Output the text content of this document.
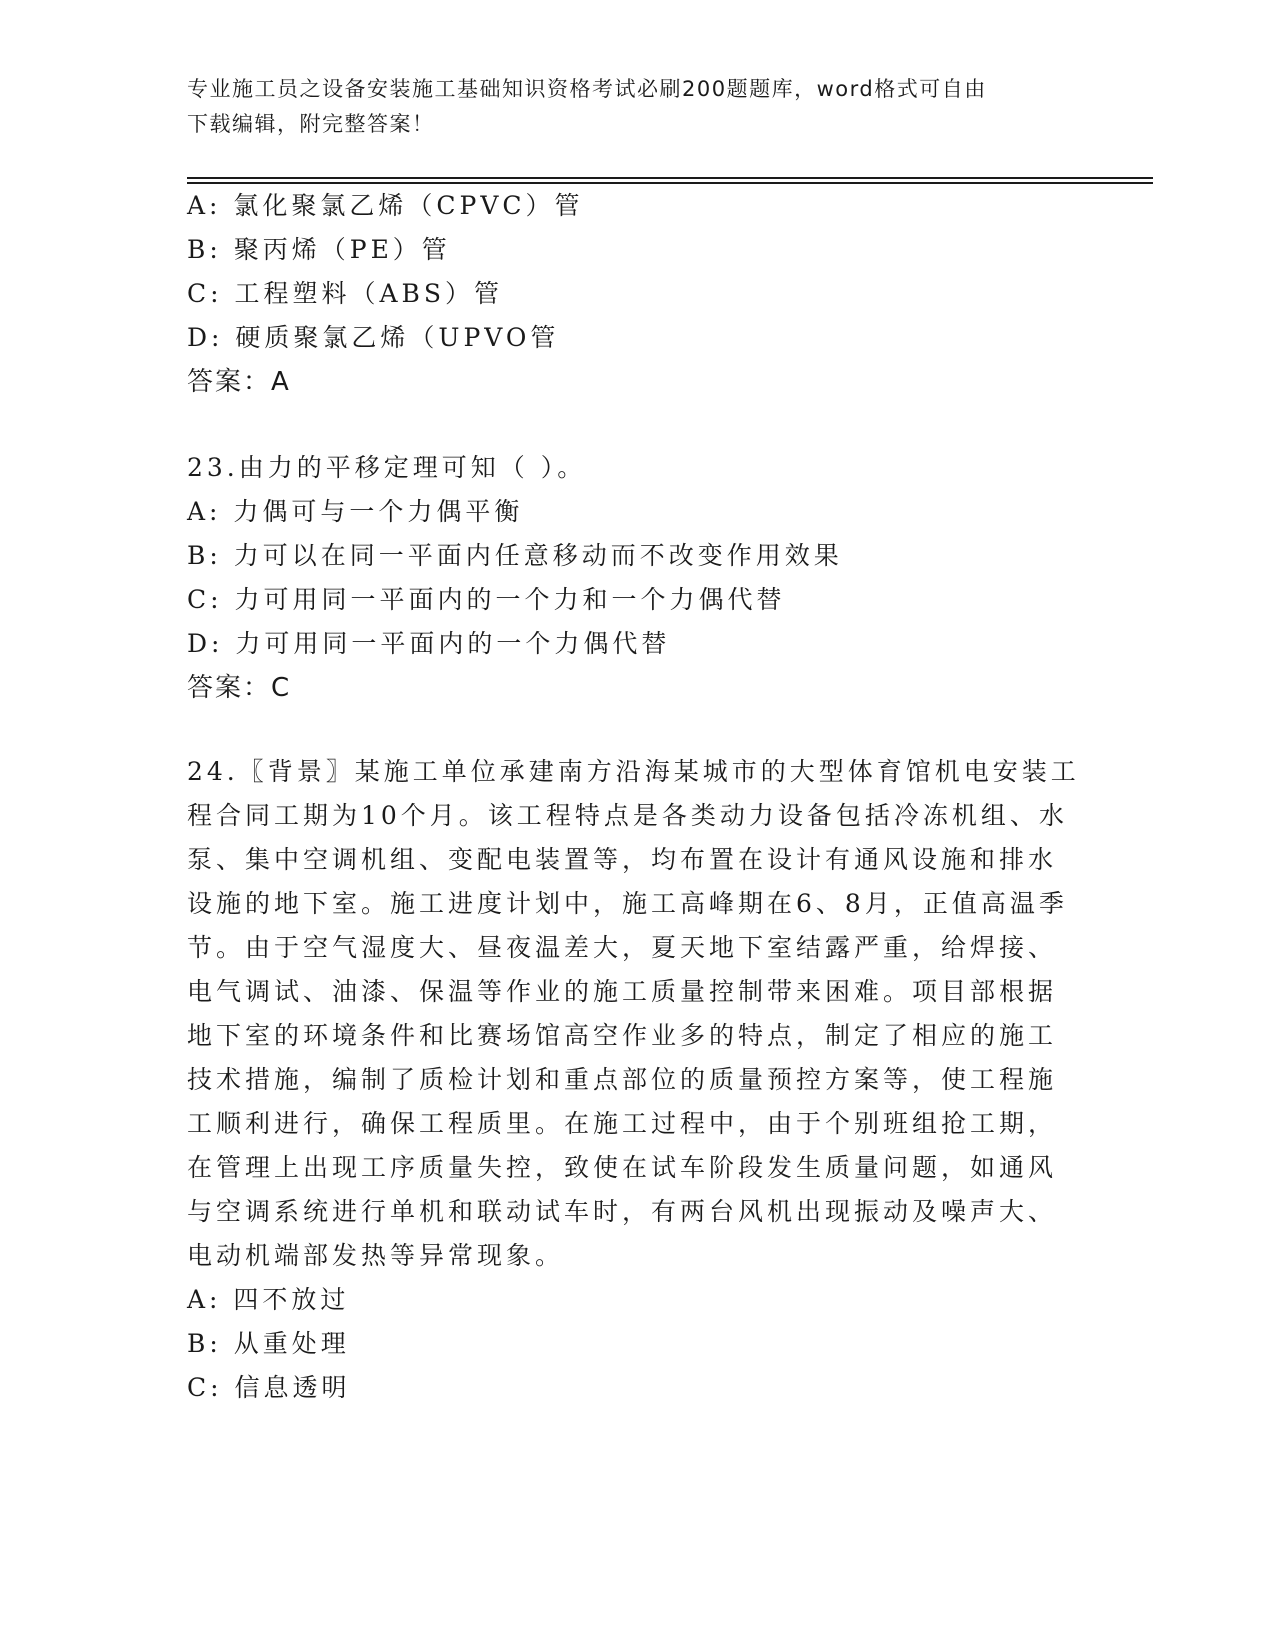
专业施工员之设备安装施工基础知识资格考试必刷200题题库，word格式可自由
下载编辑，附完整答案！
A: 氯化聚氯乙烯（CPVC）管
B: 聚丙烯（PE）管
C: 工程塑料（ABS）管
D: 硬质聚氯乙烯（UPVO管
答案：A
23.由力的平移定理可知（ ）。
A: 力偶可与一个力偶平衡
B: 力可以在同一平面内任意移动而不改变作用效果
C: 力可用同一平面内的一个力和一个力偶代替
D: 力可用同一平面内的一个力偶代替
答案：C
24.〖背景〗某施工单位承建南方沿海某城市的大型体育馆机电安装工
程合同工期为10个月。该工程特点是各类动力设备包括冷冻机组、水
泵、集中空调机组、变配电装置等，均布置在设计有通风设施和排水
设施的地下室。施工进度计划中，施工高峰期在6、8月，正值高温季
节。由于空气湿度大、昼夜温差大，夏天地下室结露严重，给焊接、
电气调试、油漆、保温等作业的施工质量控制带来困难。项目部根据
地下室的环境条件和比赛场馆高空作业多的特点，制定了相应的施工
技术措施，编制了质检计划和重点部位的质量预控方案等，使工程施
工顺利进行，确保工程质里。在施工过程中，由于个别班组抢工期，
在管理上出现工序质量失控，致使在试车阶段发生质量问题，如通风
与空调系统进行单机和联动试车时，有两台风机出现振动及噪声大、
电动机端部发热等异常现象。
A: 四不放过
B: 从重处理
C: 信息透明
